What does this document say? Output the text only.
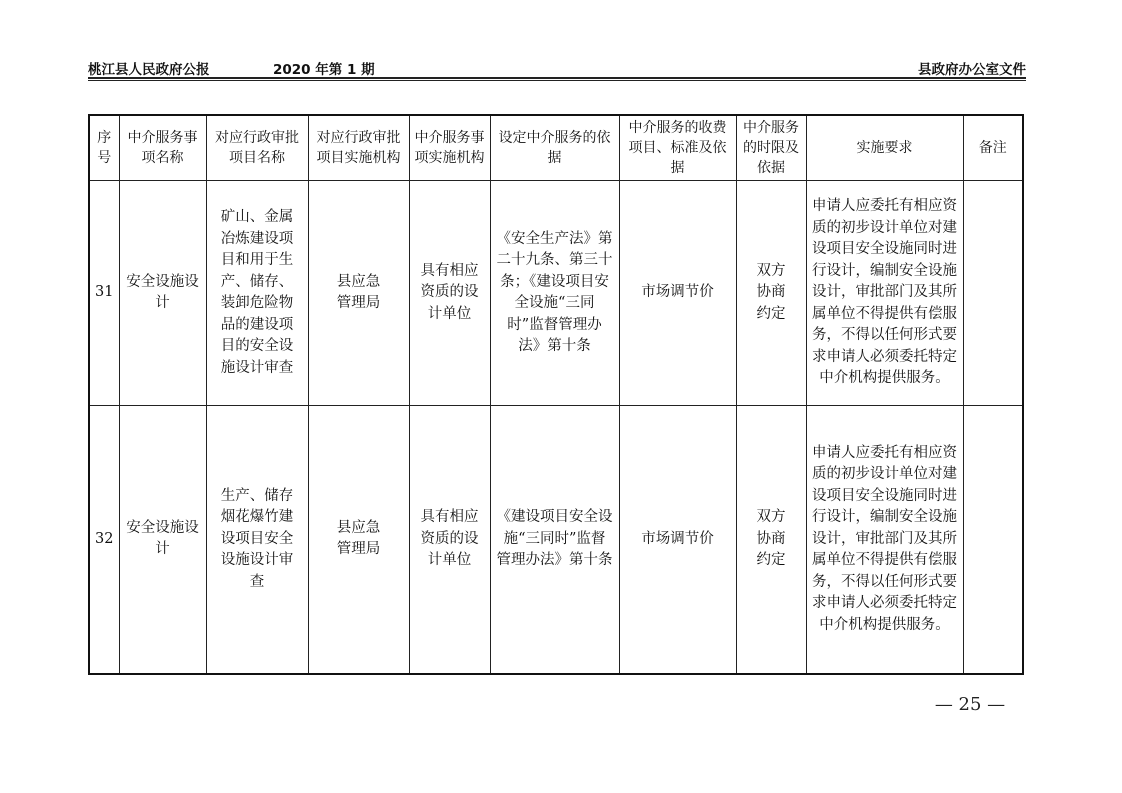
桃江县人民政府公报	2020 年第 1 期	县政府办公室文件
序号	中介服务事项名称	对应行政审批项目名称	对应行政审批项目实施机构	中介服务事项实施机构	设定中介服务的依据	中介服务的收费项目、标准及依据	中介服务的时限及依据	实施要求	备注
31	安全设施设计	矿山、金属冶炼建设项目和用于生产、储存、装卸危险物品的建设项目的安全设施设计审查	县应急管理局	具有相应资质的设计单位	《安全生产法》第二十九条、第三十条；《建设项目安全设施“三同时”监督管理办法》第十条	市场调节价	双方协商约定	申请人应委托有相应资质的初步设计单位对建设项目安全设施同时进行设计，编制安全设施设计，审批部门及其所属单位不得提供有偿服务，不得以任何形式要求申请人必须委托特定中介机构提供服务。	
32	安全设施设计	生产、储存烟花爆竹建设项目安全设施设计审查	县应急管理局	具有相应资质的设计单位	《建设项目安全设施“三同时”监督管理办法》第十条	市场调节价	双方协商约定	申请人应委托有相应资质的初步设计单位对建设项目安全设施同时进行设计，编制安全设施设计，审批部门及其所属单位不得提供有偿服务，不得以任何形式要求申请人必须委托特定中介机构提供服务。	
— 25 —
